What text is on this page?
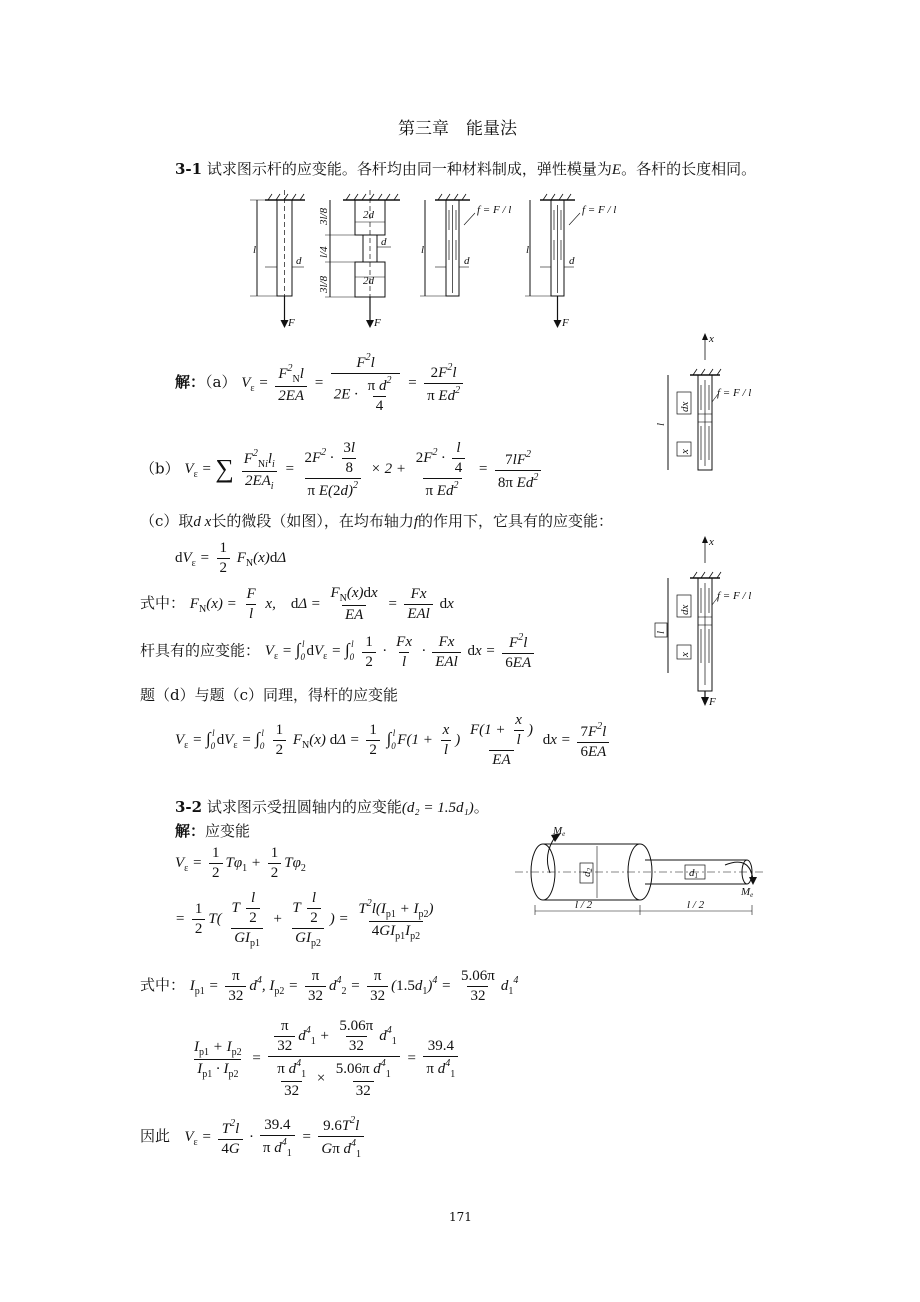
第三章　能量法
3-1 试求图示杆的应变能。各杆均由同一种材料制成，弹性模量为E。各杆的长度相同。
l
d
F
3l/8
l/4
3l/8
2d
d
2d
F
l
d
f = F / l
l
d
f = F / l
F
x
dx
x
l
f = F / l
x
dx
x
l
f = F / l
F
解：（a） $V_\varepsilon = \frac{F^2_Nl}{2EA} = \frac{F^2l}{2E \cdot \frac{\pi d^2}{4}} = \frac{2F^2l}{\pi Ed^2}$
（b） $V_\varepsilon$ = ∑ $\frac{F^2_{Ni}l_i}{2EA_i} = \frac{2F^2 \cdot \frac{3l}{8}}{\pi E(2d)^2} \times 2 + \frac{2F^2 \cdot \frac{l}{4}}{\pi Ed^2} = \frac{7lF^2}{8\pi Ed^2}$
（c）取d x长的微段（如图），在均布轴力f的作用下，它具有的应变能：
$dV_\varepsilon = \frac{1}{2} F_N(x)d\Delta$
式中： $F_N(x) = \frac{F}{l} x$,    $d\Delta = \frac{F_N(x)dx}{EA} = \frac{Fx}{\text{EAl}}$ dx
杆具有的应变能： $V_\varepsilon = \int_0^l$ $dV_\varepsilon = \int_0^l \frac{1}{2} \cdot \frac{Fx}{l} \cdot \frac{Fx}{\text{EAl}}$ dx = $\frac{F^2l}{6EA}$
题（d）与题（c）同理，得杆的应变能
$V_\varepsilon = \int_0^l$ $dV_\varepsilon = \int_0^l \frac{1}{2} F_N(x) d\Delta = \frac{1}{2} \int_0^l$ $F(1 + \frac{x}{l}$ ) $\frac{F(1 + \frac{x}{l} )}{EA}$ dx = $\frac{7F^2l}{6EA}$
3-2 试求图示受扭圆轴内的应变能(d₂ = 1.5d₁)。
解：应变能	Me
Me
d2	d1
l / 2	l / 2
$V_\varepsilon = \frac{1}{2} T\varphi_1 + \frac{1}{2} T\varphi_2$
= $\frac{1}{2} T( \frac{T \frac{l}{2}}{GI_{p1}} + \frac{T \frac{l}{2}}{GI_{p2}}$ ) = $\frac{T^2l(I_{p1} + I_{p2})}{4GI_{p1}I_{p2}}$
式中： $I_{p1} = \frac{\pi}{32} d^4$, $I_{p2} = \frac{\pi}{32} d^4_2 = \frac{\pi}{32} (1.5d_1)^4 = \frac{5.06\pi}{32} d_1^4$
$\frac{I_{p1} + I_{p2}}{I_{p1} \cdot I_{p2}} = \frac{\frac{\pi}{32} d^4_1 + \frac{5.06\pi}{32} d^4_1}{\frac{\pi d^4_1}{32} \times \frac{5.06\pi d^4_1}{32}} = \frac{39.4}{\pi d^4_1}$
因此 $V_\varepsilon = \frac{T^2l}{4G} \cdot \frac{39.4}{\pi d^4_1} = \frac{9.6T^2l}{G\pi d^4_1}$
171
